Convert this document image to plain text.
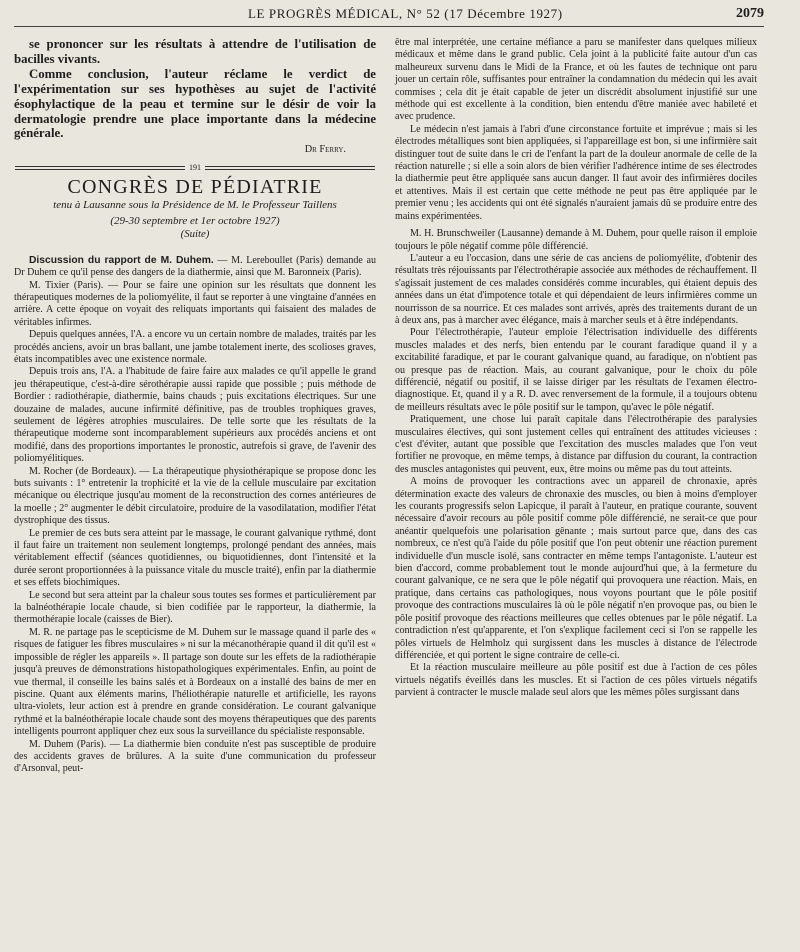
LE PROGRÈS MÉDICAL, N° 52 (17 Décembre 1927)	2079

se prononcer sur les résultats à attendre de l'utilisation de bacilles vivants.

Comme conclusion, l'auteur réclame le verdict de l'expérimentation sur ses hypothèses au sujet de l'activité ésophylactique de la peau et termine sur le désir de voir la dermatologie prendre une place importante dans la médecine générale.

Dr Ferry.
191
CONGRÈS DE PÉDIATRIE
tenu à Lausanne sous la Présidence de M. le Professeur Taillens
(29-30 septembre et 1er octobre 1927)
(Suite)

Discussion du rapport de M. Duhem. — M. Lereboullet (Paris) demande au Dr Duhem ce qu'il pense des dangers de la diathermie, ainsi que M. Baronneix (Paris).

M. Tixier (Paris). — Pour se faire une opinion sur les résultats que donnent les thérapeutiques modernes de la poliomyélite, il faut se reporter à une vingtaine d'années en arrière. A cette époque on voyait des reliquats importants qui faisaient des malades de véritables infirmes.

Depuis quelques années, l'A. a encore vu un certain nombre de malades, traités par les procédés anciens, avoir un bras ballant, une jambe totalement inerte, des scolioses graves, états incompatibles avec une existence normale.

Depuis trois ans, l'A. a l'habitude de faire faire aux malades ce qu'il appelle le grand jeu thérapeutique, c'est-à-dire sérothérapie aussi rapide que possible ; puis méthode de Bordier : radiothérapie, diathermie, bains chauds ; puis excitations électriques. Sur une douzaine de malades, aucune infirmité définitive, pas de troubles trophiques graves, seulement de légères atrophies musculaires. De telle sorte que les résultats de la thérapeutique moderne sont incomparablement supérieurs aux procédés anciens et ont modifié, dans des proportions importantes le pronostic, autrefois si grave, de l'avenir des poliomyélitiques.

M. Rocher (de Bordeaux). — La thérapeutique physiothérapique se propose donc les buts suivants : 1° entretenir la trophicité et la vie de la cellule musculaire par excitation mécanique ou électrique jusqu'au moment de la reconstruction des cornes antérieures de la moelle ; 2° augmenter le débit circulatoire, produire de la vasodilatation, modifier l'état dystrophique des tissus.

Le premier de ces buts sera atteint par le massage, le courant galvanique rythmé, dont il faut faire un traitement non seulement longtemps, prolongé pendant des années, mais véritablement effectif (séances quotidiennes, ou biquotidiennes, dont l'intensité et la durée seront proportionnées à la puissance vitale du muscle traité), enfin par la diathermie et ses effets biochimiques.

Le second but sera atteint par la chaleur sous toutes ses formes et particulièrement par la balnéothérapie locale chaude, si bien codifiée par le rapporteur, la diathermie, la thermothérapie locale (caisses de Bier).

M. R. ne partage pas le scepticisme de M. Duhem sur le massage quand il parle des « risques de fatiguer les fibres musculaires » ni sur la mécanothérapie quand il dit qu'il est « impossible de régler les appareils ». Il partage son doute sur les effets de la radiothérapie jusqu'à preuves de démonstrations histopathologiques expérimentales. Enfin, au point de vue thermal, il conseille les bains salés et à Bordeaux on a installé des bains de mer en piscine. Quant aux éléments marins, l'héliothérapie naturelle et artificielle, les rayons ultra-violets, leur action est à prendre en grande considération. Le courant galvanique rythmé et la balnéothérapie locale chaude sont des moyens thérapeutiques que des parents intelligents pourront appliquer chez eux sous la surveillance du spécialiste responsable.

M. Duhem (Paris). — La diathermie bien conduite n'est pas susceptible de produire des accidents graves de brûlures. A la suite d'une communication du professeur d'Arsonval, peut-

être mal interprétée, une certaine méfiance a paru se manifester dans quelques milieux médicaux et même dans le grand public. Cela joint à la publicité faite autour d'un cas malheureux survenu dans le Midi de la France, et où les fautes de technique ont paru jouer un certain rôle, suffisantes pour entraîner la condamnation du médecin qui les avait commises ; cela dit je était capable de jeter un discrédit absolument injustifié sur une méthode qui est excellente à la condition, bien entendu d'être maniée avec habileté et avec prudence.

Le médecin n'est jamais à l'abri d'une circonstance fortuite et imprévue ; mais si les électrodes métalliques sont bien appliquées, si l'appareillage est bon, si une infirmière sait distinguer tout de suite dans le cri de l'enfant la part de la douleur anormale de celle de la réaction naturelle ; si elle a soin alors de bien vérifier l'adhérence intime de ses électrodes la diathermie peut être appliquée sans aucun danger. Il faut avoir des infirmières dociles et attentives. Mais il est certain que cette méthode ne peut pas être appliquée par le premier venu ; les accidents qui ont été signalés n'auraient jamais dû se produire entre des mains expérimentées.

M. H. Brunschweiler (Lausanne) demande à M. Duhem, pour quelle raison il emploie toujours le pôle négatif comme pôle différencié.

L'auteur a eu l'occasion, dans une série de cas anciens de poliomyélite, d'obtenir des résultats très réjouissants par l'électrothérapie associée aux méthodes de réchauffement. Il s'agissait justement de ces malades considérés comme incurables, qui étaient depuis des années dans un état d'impotence totale et qui dépendaient de leurs infirmières comme un nourrisson de sa nourrice. Et ces malades sont arrivés, après des traitements durant de un à deux ans, pas à marcher avec élégance, mais à marcher seuls et à être indépendants.

Pour l'électrothérapie, l'auteur emploie l'électrisation individuelle des différents muscles malades et des nerfs, bien entendu par le courant faradique quand il y a excitabilité faradique, et par le courant galvanique quand, au faradique, on n'obtient pas ou presque pas de réaction. Mais, au courant galvanique, pour le choix du pôle différencié, négatif ou positif, il se laisse diriger par les résultats de l'examen électro-diagnostique. Et, quand il y a R. D. avec renversement de la formule, il a toujours obtenu de meilleurs résultats avec le pôle positif sur le tampon, qu'avec le pôle négatif.

Pratiquement, une chose lui paraît capitale dans l'électrothérapie des paralysies musculaires électives, qui sont justement celles qui entraînent des attitudes vicieuses : c'est d'éviter, autant que possible que l'excitation des muscles malades que l'on veut fortifier ne provoque, en même temps, à distance par diffusion du courant, la contraction des muscles antagonistes qui peuvent, eux, être moins ou même pas du tout atteints.

A moins de provoquer les contractions avec un appareil de chronaxie, après détermination exacte des valeurs de chronaxie des muscles, ou bien à moins d'employer les courants progressifs selon Lapicque, il paraît à l'auteur, en pratique courante, souvent nécessaire d'avoir recours au pôle positif comme pôle différencié, ne serait-ce que pour anéantir quelquefois une polarisation gênante ; mais surtout parce que, dans des cas nombreux, ce n'est qu'à l'aide du pôle positif que l'on peut obtenir une réaction purement individuelle d'un muscle isolé, sans contracter en même temps l'antagoniste. L'auteur est bien d'accord, comme probablement tout le monde aujourd'hui que, à la fermeture du courant galvanique, ce ne sera que le pôle négatif qui provoquera une réaction. Mais, en pratique, dans certains cas pathologiques, nous voyons pourtant que le pôle positif provoque des contractions musculaires là où le pôle négatif n'en provoque pas, ou bien le pôle positif provoque des réactions meilleures que celles obtenues par le pôle négatif. La contradiction n'est qu'apparente, et l'on s'explique facilement ceci si l'on se rappelle les pôles virtuels de Helmholz qui surgissent dans les muscles à distance de l'électrode différenciée, et qui portent le signe contraire de celle-ci.

Et la réaction musculaire meilleure au pôle positif est due à l'action de ces pôles virtuels négatifs éveillés dans les muscles. Et si l'action de ces pôles virtuels négatifs parvient à contracter le muscle malade seul alors que les mêmes pôles surgissant dans
